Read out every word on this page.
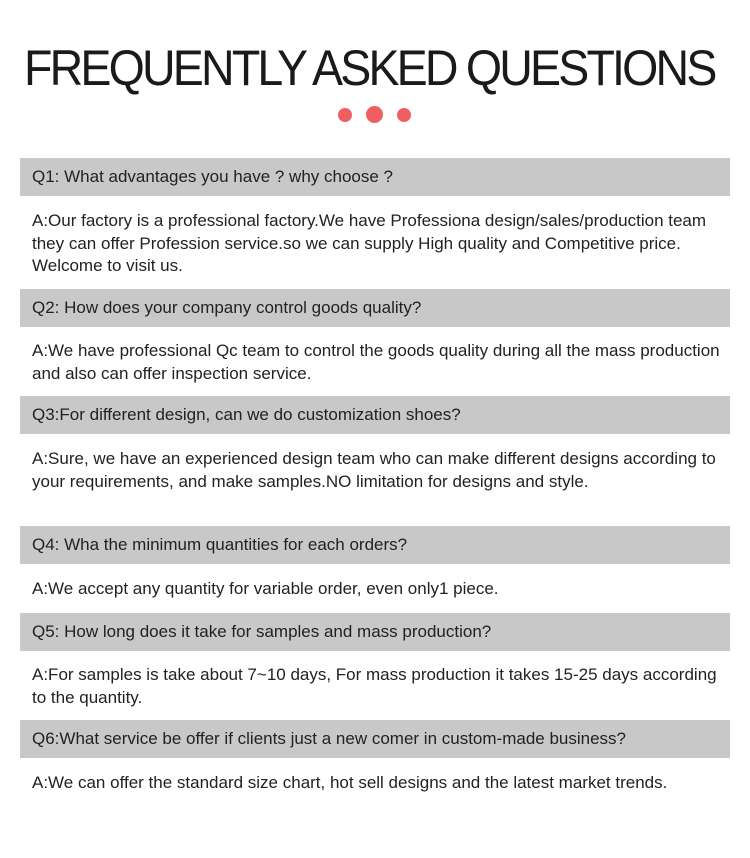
FREQUENTLY ASKED QUESTIONS
Q1: What advantages you have ? why choose ?
A:Our factory is a professional factory.We have Professiona design/sales/production team they can offer Profession service.so we can supply High quality and Competitive price. Welcome to visit us.
Q2: How does your company control goods quality?
A:We have professional Qc team to control the goods quality during all the mass production and also can offer inspection service.
Q3:For different design, can we do customization shoes?
A:Sure, we have an experienced design team who can make different designs according to your requirements, and make samples.NO limitation for designs and style.
Q4: Wha the minimum quantities for each orders?
A:We accept any quantity for variable order, even only1 piece.
Q5: How long does it take for samples and mass production?
A:For samples is take about 7~10 days, For mass production it takes 15-25 days according to the quantity.
Q6:What service be offer if clients just a new comer in custom-made business?
A:We can offer the standard size chart, hot sell designs and the latest market trends.
